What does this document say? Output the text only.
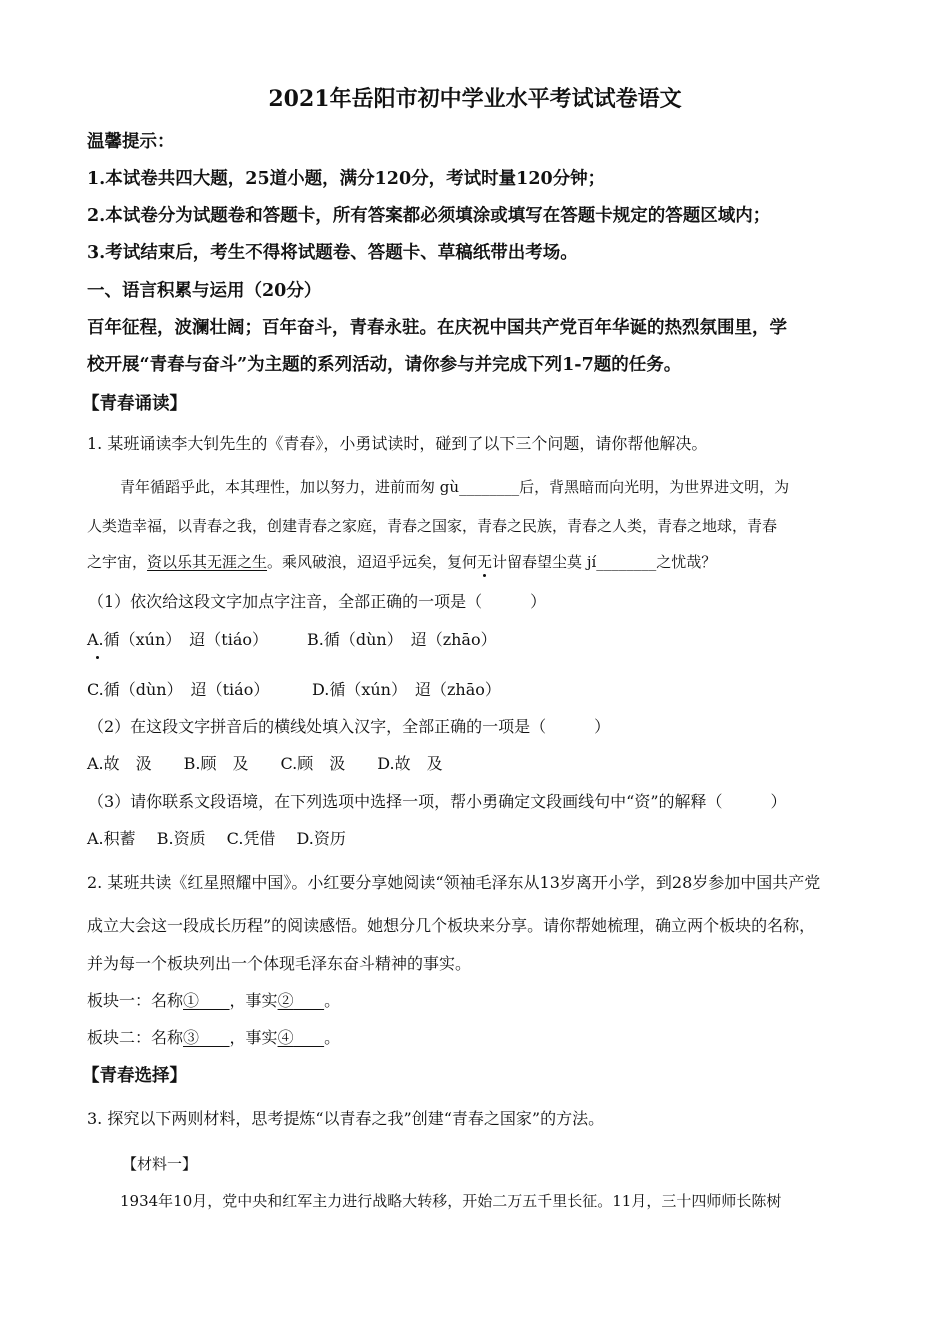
2021年岳阳市初中学业水平考试试卷语文
温馨提示：
1.本试卷共四大题，25道小题，满分120分，考试时量120分钟；
2.本试卷分为试题卷和答题卡，所有答案都必须填涂或填写在答题卡规定的答题区域内；
3.考试结束后，考生不得将试题卷、答题卡、草稿纸带出考场。
一、语言积累与运用（20分）
百年征程，波澜壮阔；百年奋斗，青春永驻。在庆祝中国共产党百年华诞的热烈氛围里，学
校开展“青春与奋斗”为主题的系列活动，请你参与并完成下列1-7题的任务。
【青春诵读】
1. 某班诵读李大钊先生的《青春》，小勇试读时，碰到了以下三个问题，请你帮他解决。
青年循蹈乎此，本其理性，加以努力，进前而匆 gù________后，背黑暗而向光明，为世界进文明，为
人类造幸福，以青春之我，创建青春之家庭，青春之国家，青春之民族，青春之人类，青春之地球，青春
之宇宙，资以乐其无涯之生。乘风破浪，迢迢乎远矣，复何无计留春望尘莫 jí________之忧哉？
（1）依次给这段文字加点字注音，全部正确的一项是（　　　）
A.循（xún）　迢（tiáo） B.循（dùn）　迢（zhāo）
C.循（dùn）　迢（tiáo）	D.循（xún）　迢（zhāo）
（2）在这段文字拼音后的横线处填入汉字，全部正确的一项是（　　　）
A.故　汲　　B.顾　及　　C.顾　汲　　D.故　及
（3）请你联系文段语境，在下列选项中选择一项，帮小勇确定文段画线句中“资”的解释（　　　）
A.积蓄　 B.资质　 C.凭借　 D.资历
2. 某班共读《红星照耀中国》。小红要分享她阅读“领袖毛泽东从13岁离开小学，到28岁参加中国共产党
成立大会这一段成长历程”的阅读感悟。她想分几个板块来分享。请你帮她梳理，确立两个板块的名称，
并为每一个板块列出一个体现毛泽东奋斗精神的事实。
板块一：名称① ，事实② 。
板块二：名称③ ，事实④ 。
【青春选择】
3. 探究以下两则材料，思考提炼“以青春之我”创建“青春之国家”的方法。
【材料一】
1934年10月，党中央和红军主力进行战略大转移，开始二万五千里长征。11月，三十四师师长陈树
